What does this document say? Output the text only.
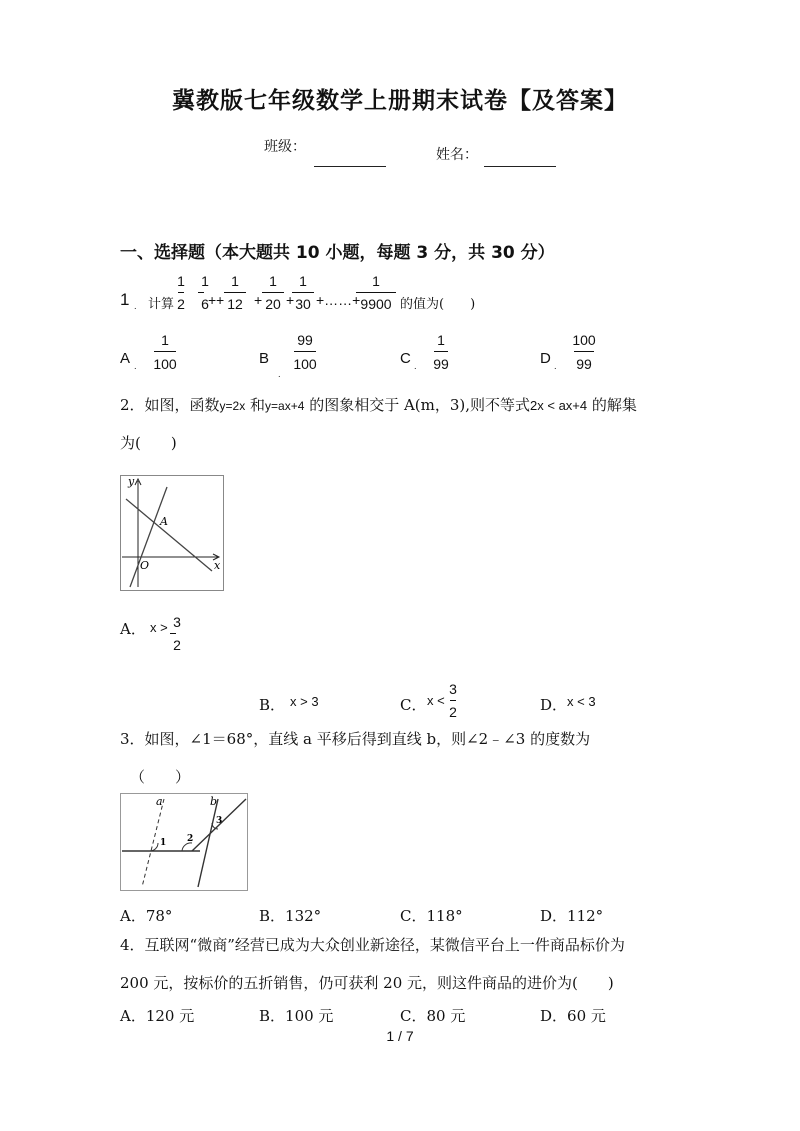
冀教版七年级数学上册期末试卷【及答案】
班级：	姓名：
一、选择题（本大题共 10 小题，每题 3 分，共 30 分）
1 . 计算
1
2
1
6 + +
1
12 +
1
20 +
1
30 +……+
1
9900 的值为(　　)
A .
1
100	B
.
99
100	C .
1
99	D .
100
99
2．如图，函数y=2x 和y=ax+4 的图象相交于 A(m，3),则不等式2x < ax+4 的解集
为(　　)
y
x
O
A
A． x > 3
2
B． x > 3	C． x <
3
2	D． x < 3
3．如图，∠1＝68°，直线 a 平移后得到直线 b，则∠2﹣∠3 的度数为
（　　）
a	b
1 2
3
A．78°	B．132°	C．118°	D．112°
4．互联网“微商”经营已成为大众创业新途径，某微信平台上一件商品标价为
200 元，按标价的五折销售，仍可获利 20 元，则这件商品的进价为(　　)
A．120 元	B．100 元	C．80 元	D．60 元
1 / 7
